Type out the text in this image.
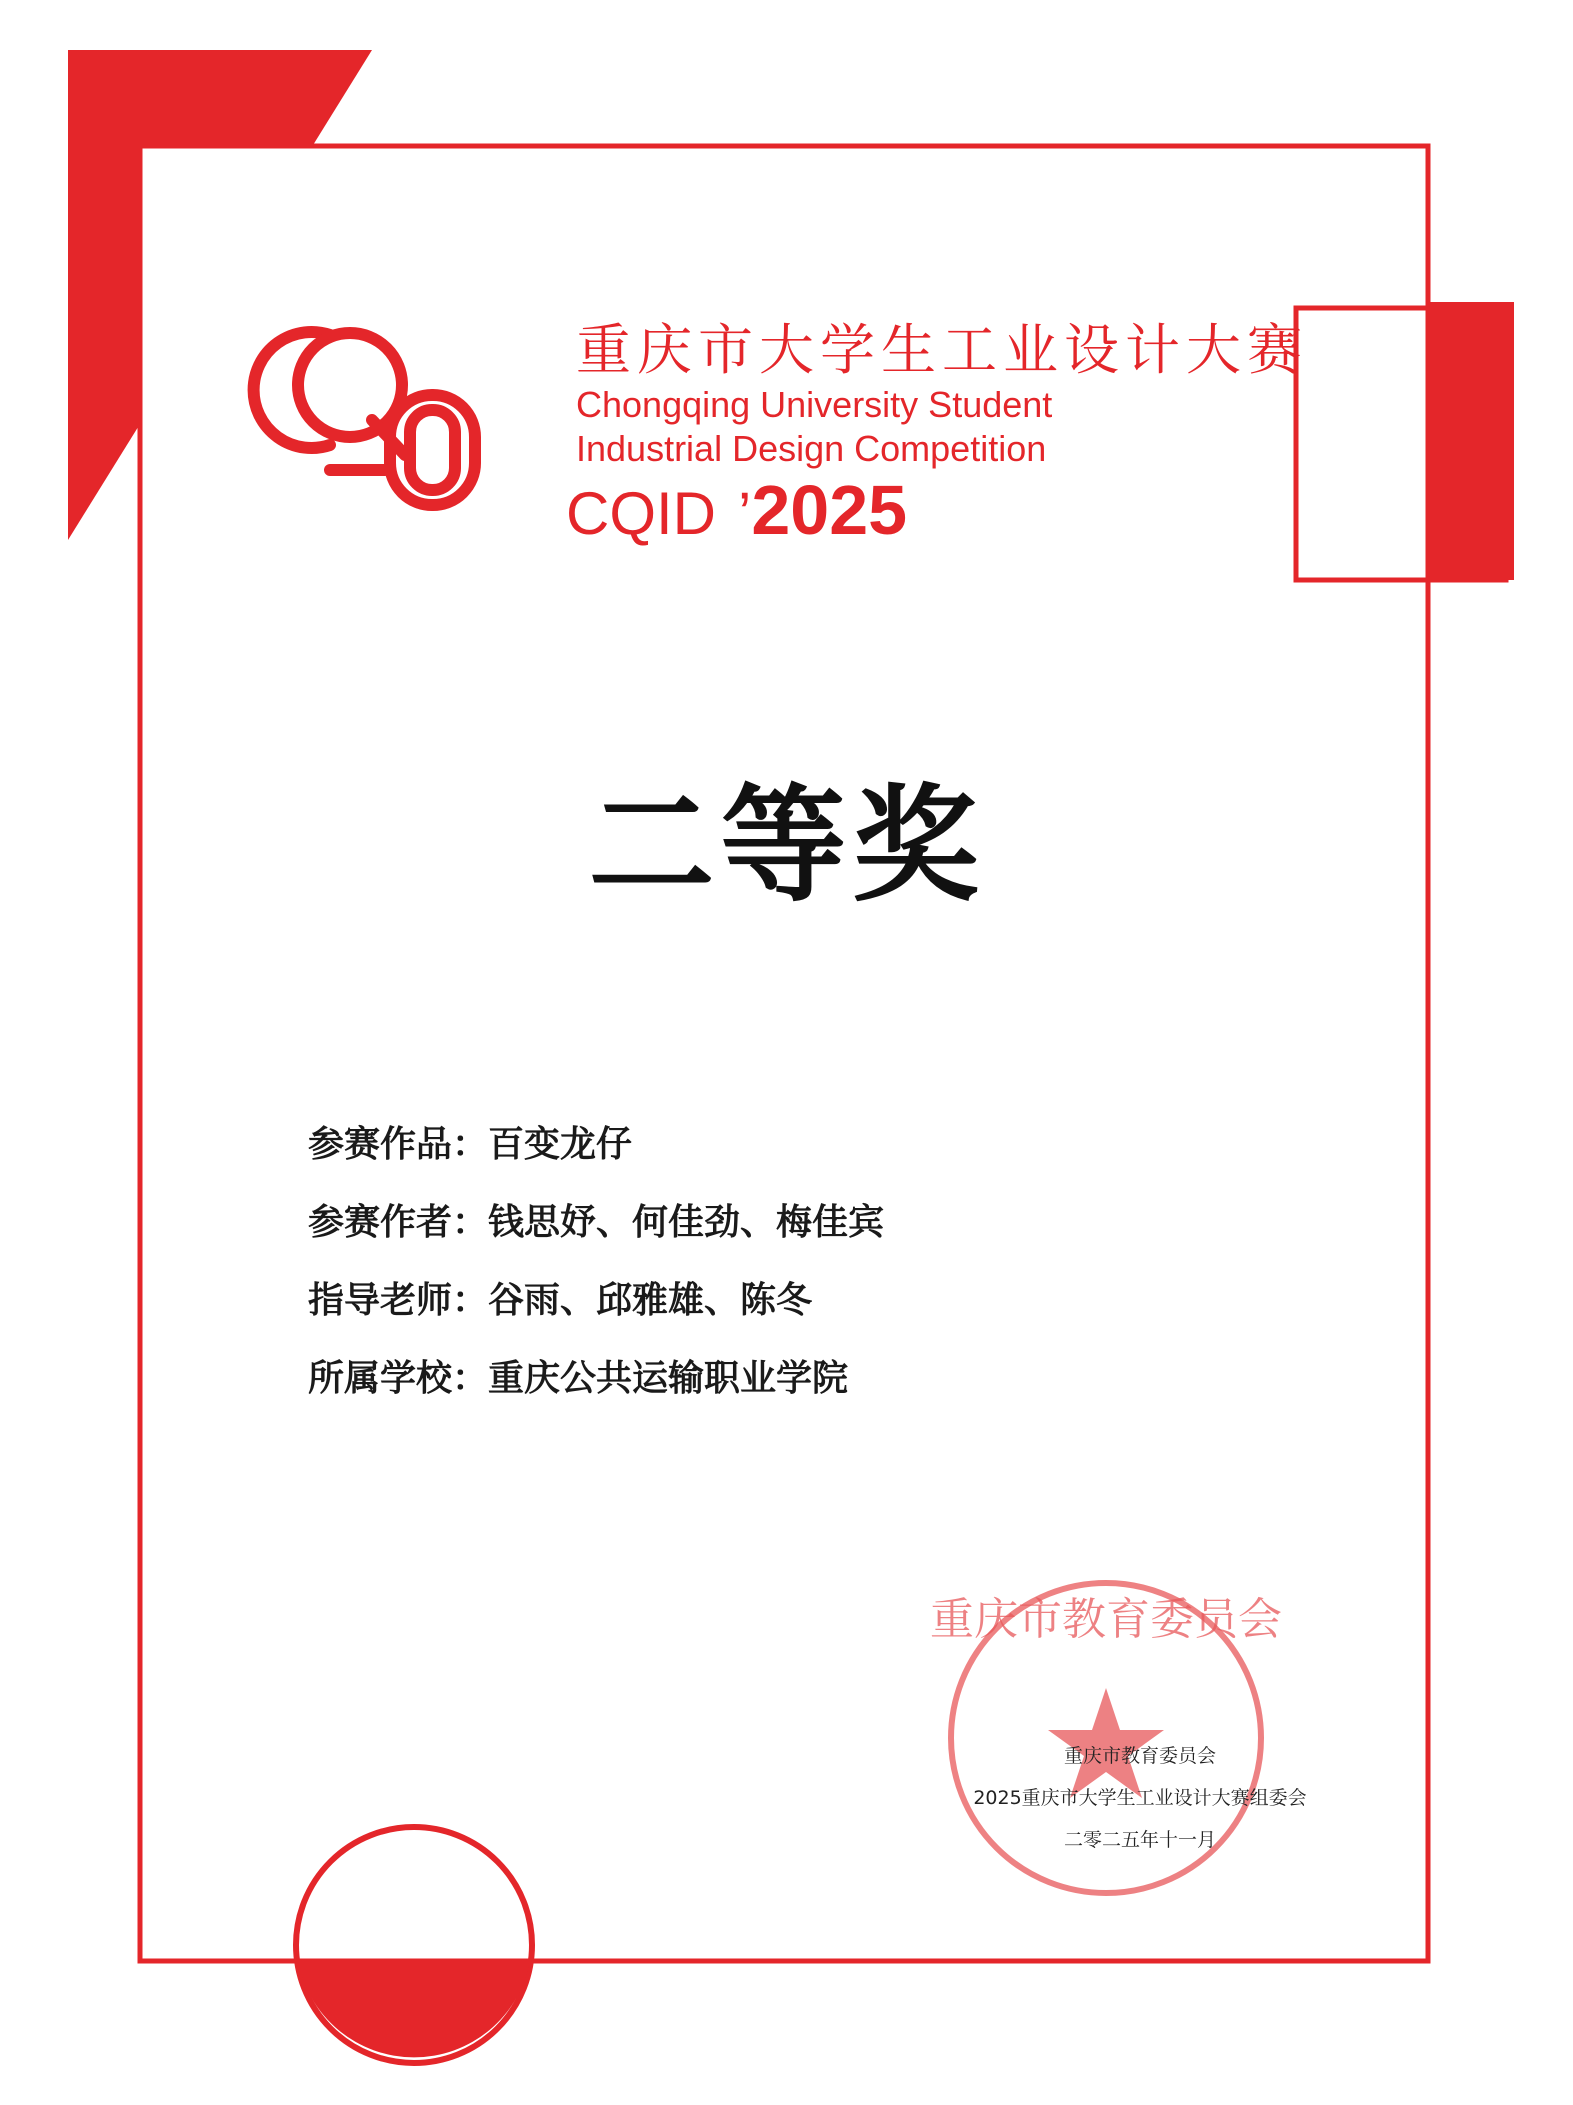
重庆市教育委员会
重庆市大学生工业设计大赛
Chongqing University Student
Industrial Design Competition
CQID ’ 2025
二等奖
参赛作品： 百变龙仔
参赛作者： 钱思妤、何佳劲、梅佳宾
指导老师： 谷雨、邱雅雄、陈冬
所属学校： 重庆公共运输职业学院
重庆市教育委员会
2025重庆市大学生工业设计大赛组委会
二零二五年十一月
